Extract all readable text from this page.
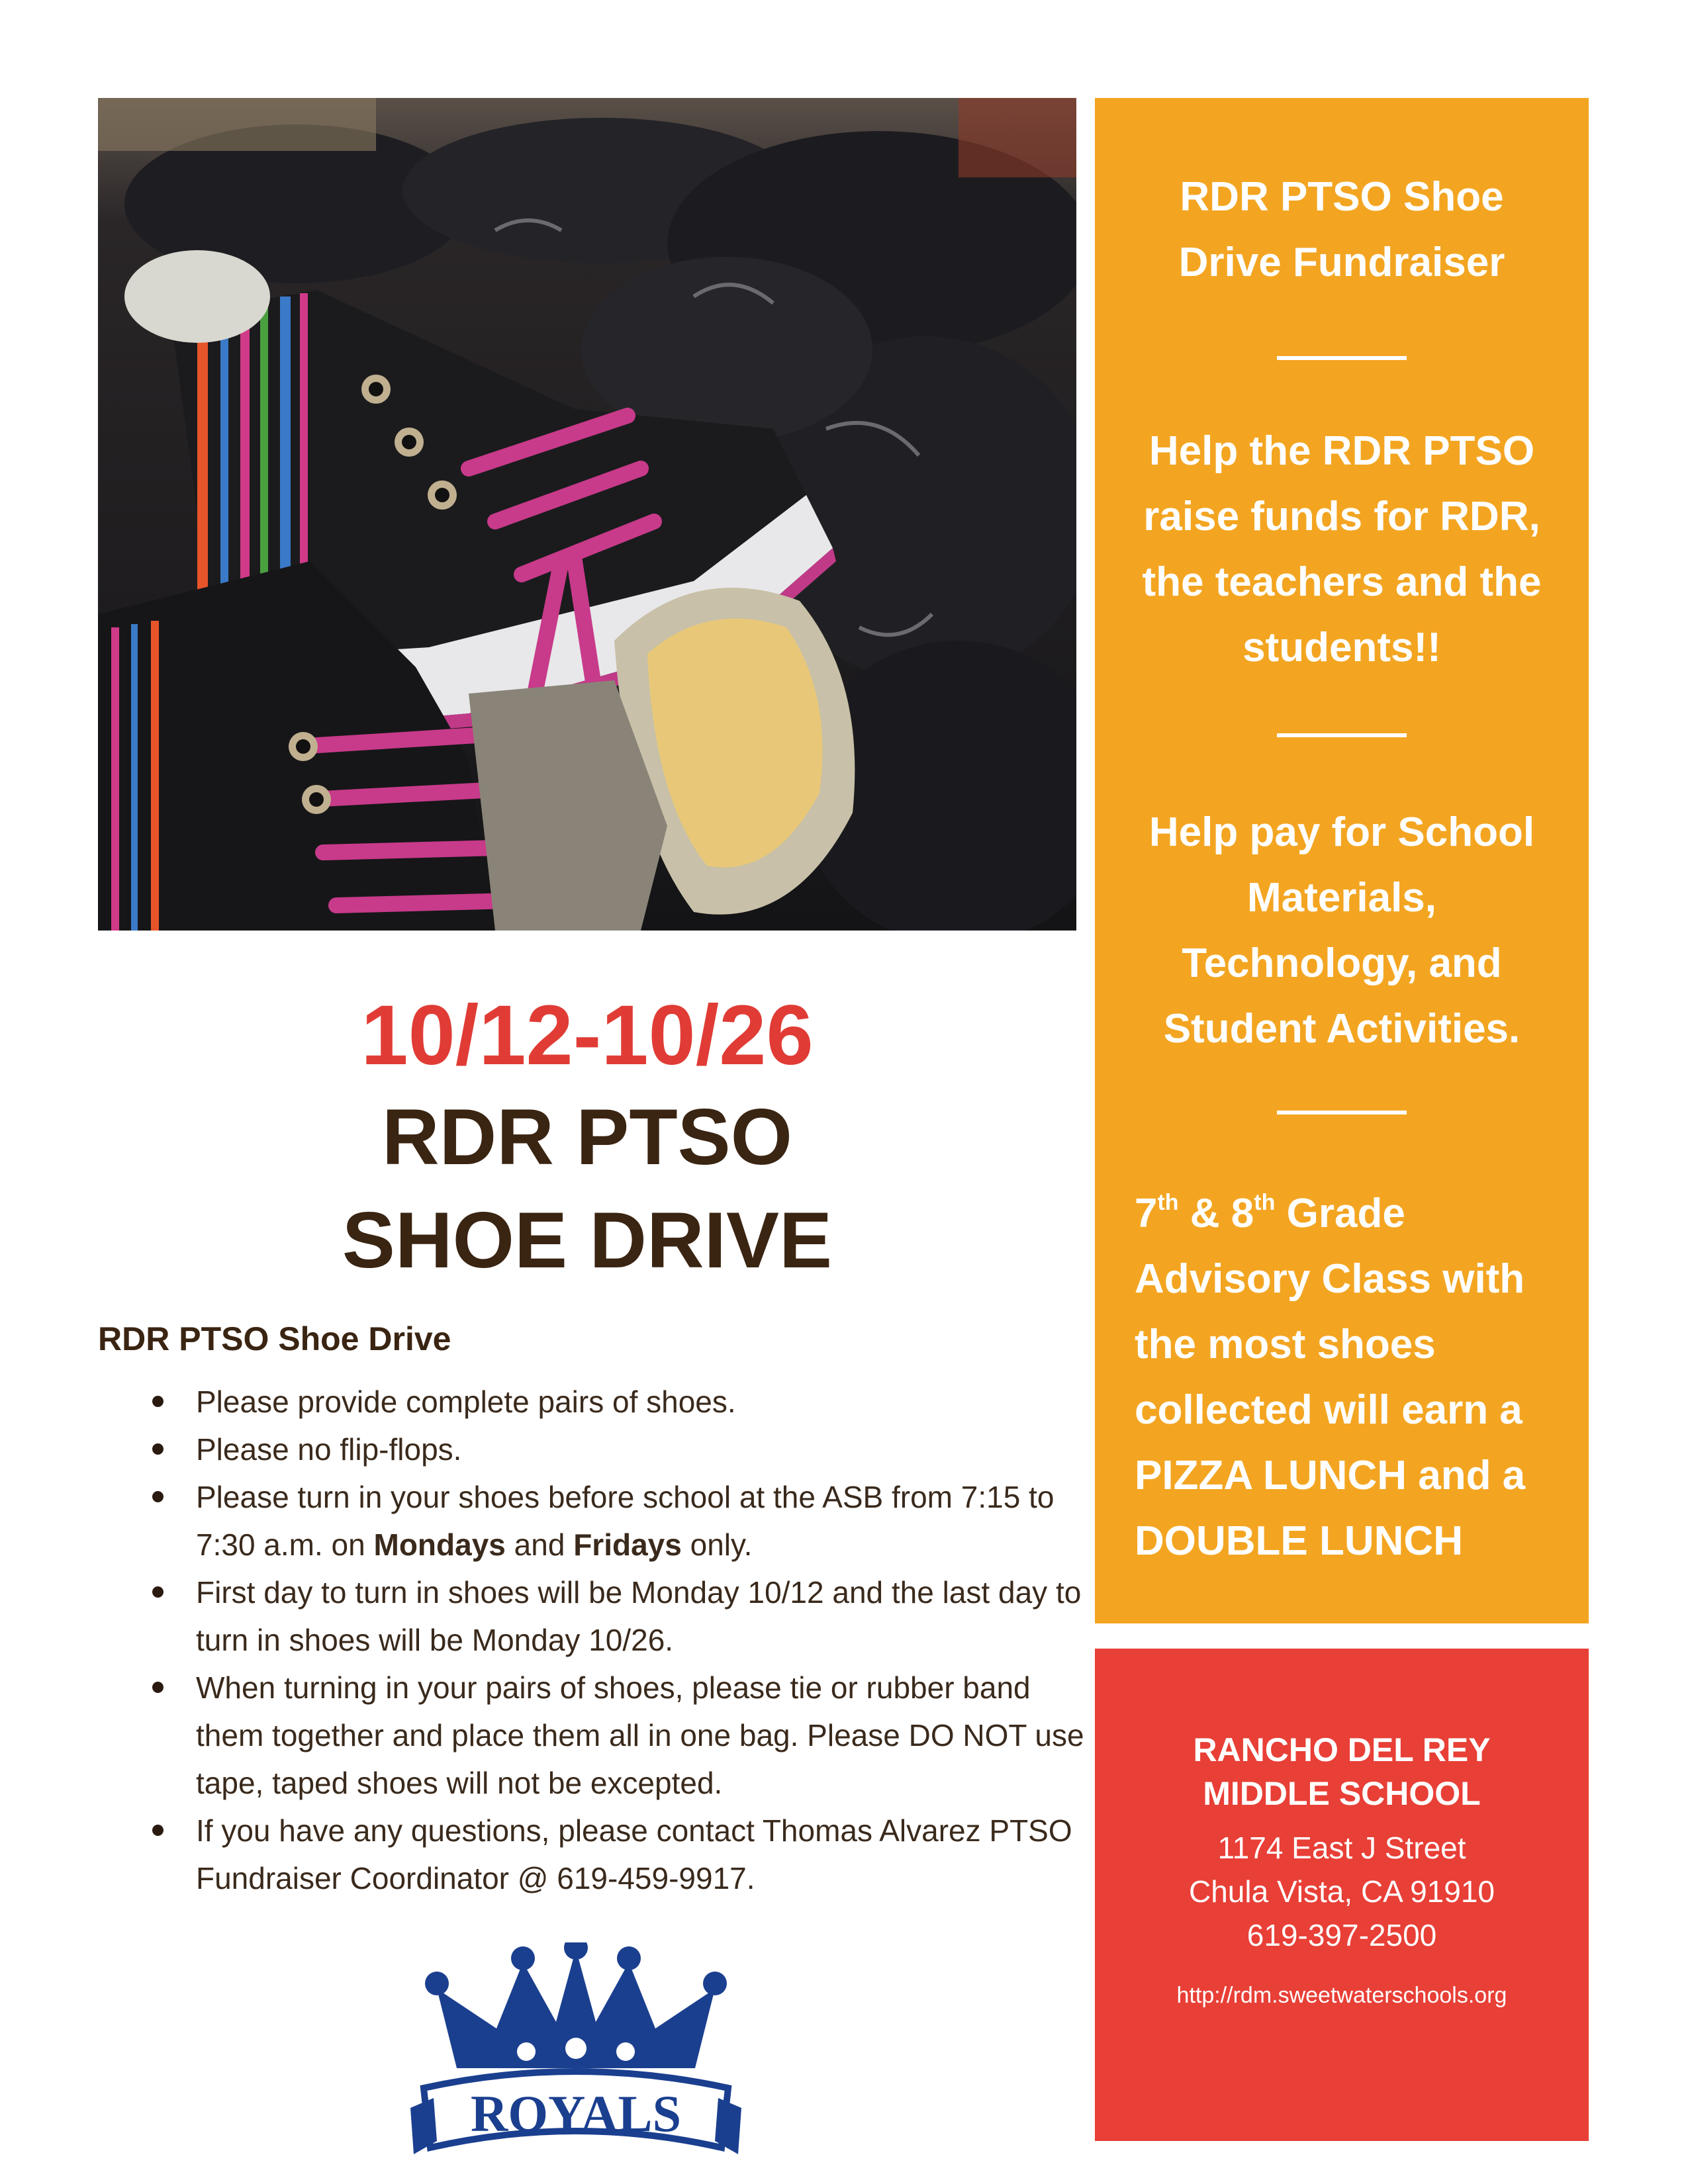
10/12-10/26
RDR PTSO
SHOE DRIVE
RDR PTSO Shoe Drive
Please provide complete pairs of shoes.
Please no flip-flops.
Please turn in your shoes before school at the ASB from 7:15 to 7:30 a.m. on Mondays and Fridays only.
First day to turn in shoes will be Monday 10/12 and the last day to turn in shoes will be Monday 10/26.
When turning in your pairs of shoes, please tie or rubber band them together and place them all in one bag. Please DO NOT use tape, taped shoes will not be excepted.
If you have any questions, please contact Thomas Alvarez PTSO Fundraiser Coordinator @ 619-459-9917.
ROYALS
RDR PTSO Shoe Drive Fundraiser
Help the RDR PTSO raise funds for RDR, the teachers and the students!!
Help pay for School Materials, Technology, and Student Activities.
7th & 8th Grade
Advisory Class with the most shoes collected will earn a PIZZA LUNCH and a DOUBLE LUNCH
RANCHO DEL REY
MIDDLE SCHOOL
1174 East J Street
Chula Vista, CA 91910
619-397-2500
http://rdm.sweetwaterschools.org
